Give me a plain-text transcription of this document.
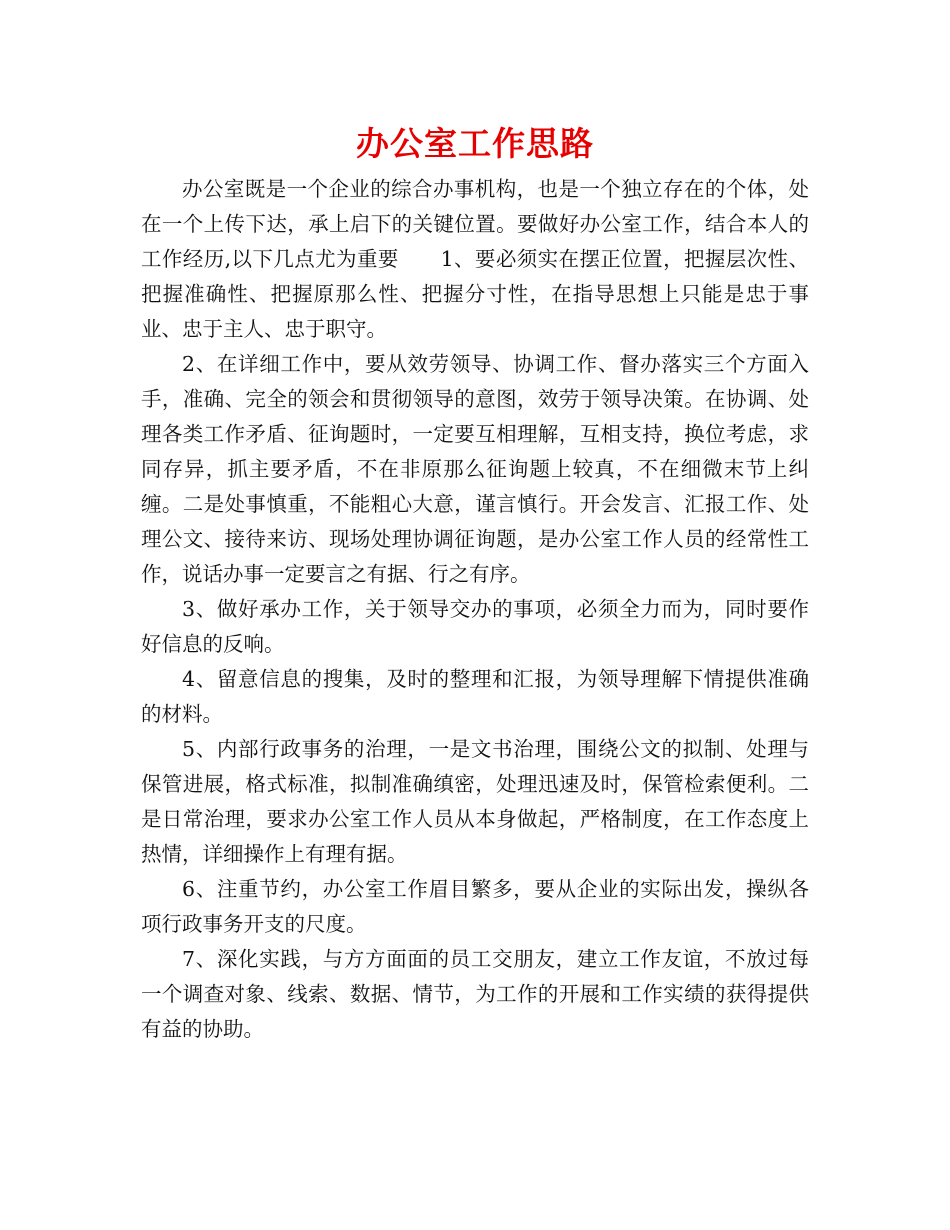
办公室工作思路

办公室既是一个企业的综合办事机构，也是一个独立存在的个体，处在一个上传下达，承上启下的关键位置。要做好办公室工作，结合本人的工作经历,以下几点尤为重要　　1、要必须实在摆正位置，把握层次性、把握准确性、把握原那么性、把握分寸性，在指导思想上只能是忠于事业、忠于主人、忠于职守。

2、在详细工作中，要从效劳领导、协调工作、督办落实三个方面入手，准确、完全的领会和贯彻领导的意图，效劳于领导决策。在协调、处理各类工作矛盾、征询题时，一定要互相理解，互相支持，换位考虑，求同存异，抓主要矛盾，不在非原那么征询题上较真，不在细微末节上纠缠。二是处事慎重，不能粗心大意，谨言慎行。开会发言、汇报工作、处理公文、接待来访、现场处理协调征询题，是办公室工作人员的经常性工作，说话办事一定要言之有据、行之有序。

3、做好承办工作，关于领导交办的事项，必须全力而为，同时要作好信息的反响。

4、留意信息的搜集，及时的整理和汇报，为领导理解下情提供准确的材料。

5、内部行政事务的治理，一是文书治理，围绕公文的拟制、处理与保管进展，格式标准，拟制准确缜密，处理迅速及时，保管检索便利。二是日常治理，要求办公室工作人员从本身做起，严格制度，在工作态度上热情，详细操作上有理有据。

6、注重节约，办公室工作眉目繁多，要从企业的实际出发，操纵各项行政事务开支的尺度。

7、深化实践，与方方面面的员工交朋友，建立工作友谊，不放过每一个调查对象、线索、数据、情节，为工作的开展和工作实绩的获得提供有益的协助。
